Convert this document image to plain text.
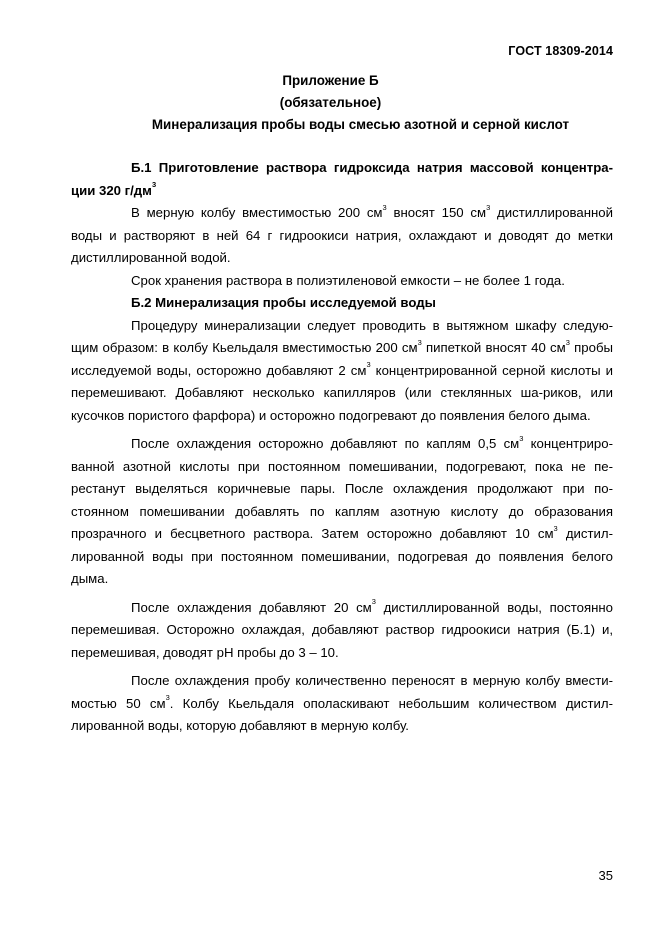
ГОСТ 18309-2014
Приложение Б
(обязательное)
Минерализация пробы воды смесью азотной и серной кислот

Б.1 Приготовление раствора гидроксида натрия массовой концентра-ции 320 $г/дм^3$

В мерную колбу вместимостью 200 $см^3$ вносят 150 $см^3$ дистиллированной воды и растворяют в ней 64 г гидроокиси натрия, охлаждают и доводят до метки дистиллированной водой.

Срок хранения раствора в полиэтиленовой емкости – не более 1 года.

Б.2 Минерализация пробы исследуемой воды

Процедуру минерализации следует проводить в вытяжном шкафу следую-щим образом: в колбу Кьельдаля вместимостью 200 $см^3$ пипеткой вносят 40 $см^3$ пробы исследуемой воды, осторожно добавляют 2 $см^3$ концентрированной серной кислоты и перемешивают. Добавляют несколько капилляров (или стеклянных ша-риков, или кусочков пористого фарфора) и осторожно подогревают до появления белого дыма.

После охлаждения осторожно добавляют по каплям 0,5 $см^3$ концентриро-ванной азотной кислоты при постоянном помешивании, подогревают, пока не пе-рестанут выделяться коричневые пары. После охлаждения продолжают при по-стоянном помешивании добавлять по каплям азотную кислоту до образования прозрачного и бесцветного раствора. Затем осторожно добавляют 10 $см^3$ дистил-лированной воды при постоянном помешивании, подогревая до появления белого дыма.

После охлаждения добавляют 20 $см^3$ дистиллированной воды, постоянно перемешивая. Осторожно охлаждая, добавляют раствор гидроокиси натрия (Б.1) и, перемешивая, доводят pH пробы до 3 – 10.

После охлаждения пробу количественно переносят в мерную колбу вмести-мостью 50 $см^3$. Колбу Кьельдаля ополаскивают небольшим количеством дистил-лированной воды, которую добавляют в мерную колбу.

35
